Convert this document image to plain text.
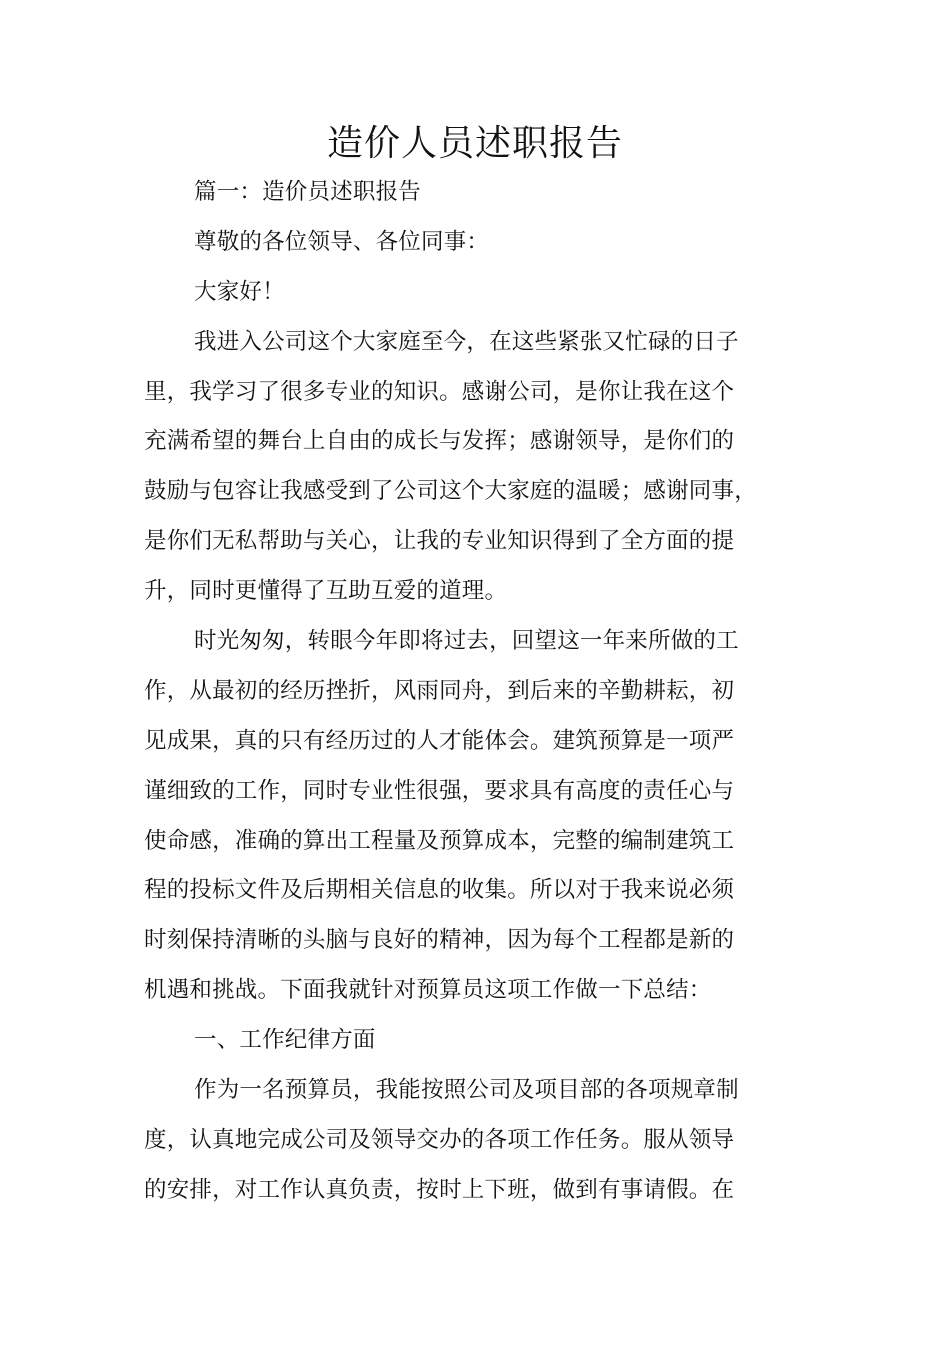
造价人员述职报告
篇一：造价员述职报告
尊敬的各位领导、各位同事：
大家好！
我进入公司这个大家庭至今，在这些紧张又忙碌的日子
里，我学习了很多专业的知识。感谢公司，是你让我在这个
充满希望的舞台上自由的成长与发挥；感谢领导，是你们的
鼓励与包容让我感受到了公司这个大家庭的温暖；感谢同事，
是你们无私帮助与关心，让我的专业知识得到了全方面的提
升，同时更懂得了互助互爱的道理。
时光匆匆，转眼今年即将过去，回望这一年来所做的工
作，从最初的经历挫折，风雨同舟，到后来的辛勤耕耘，初
见成果，真的只有经历过的人才能体会。建筑预算是一项严
谨细致的工作，同时专业性很强，要求具有高度的责任心与
使命感，准确的算出工程量及预算成本，完整的编制建筑工
程的投标文件及后期相关信息的收集。所以对于我来说必须
时刻保持清晰的头脑与良好的精神，因为每个工程都是新的
机遇和挑战。下面我就针对预算员这项工作做一下总结：
一、工作纪律方面
作为一名预算员，我能按照公司及项目部的各项规章制
度，认真地完成公司及领导交办的各项工作任务。服从领导
的安排，对工作认真负责，按时上下班，做到有事请假。在
